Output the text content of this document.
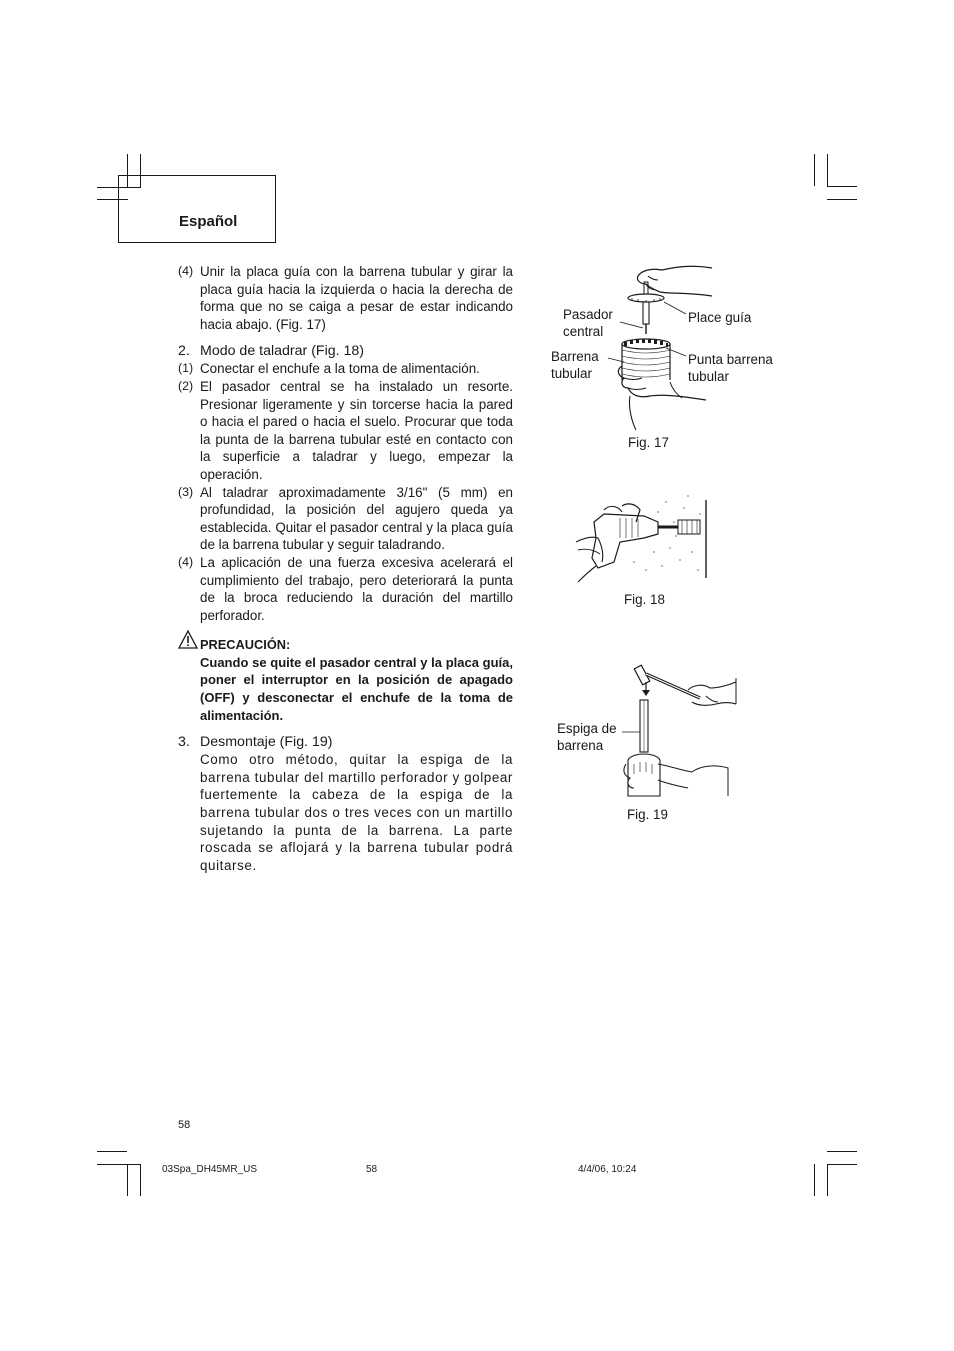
Español
(4) Unir la placa guía con la barrena tubular y girar la placa guía hacia la izquierda o hacia la derecha de forma que no se caiga a pesar de estar indicando hacia abajo. (Fig. 17)
2. Modo de taladrar (Fig. 18)
(1) Conectar el enchufe a la toma de alimentación.
(2) El pasador central se ha instalado un resorte. Presionar ligeramente y sin torcerse hacia la pared o hacia el pared o hacia el suelo. Procurar que toda la punta de la barrena tubular esté en contacto con la superficie a taladrar y luego, empezar la operación.
(3) Al taladrar aproximadamente 3/16" (5 mm) en profundidad, la posición del agujero queda ya establecida. Quitar el pasador central y la placa guía de la barrena tubular y seguir taladrando.
(4) La aplicación de una fuerza excesiva acelerará el cumplimiento del trabajo, pero deteriorará la punta de la broca reduciendo la duración del martillo perforador.
PRECAUCIÓN:
Cuando se quite el pasador central y la placa guía, poner el interruptor en la posición de apagado (OFF) y desconectar el enchufe de la toma de alimentación.
3. Desmontaje (Fig. 19)
Como otro método, quitar la espiga de la barrena tubular del martillo perforador y golpear fuertemente la cabeza de la espiga de la barrena tubular dos o tres veces con un martillo sujetando la punta de la barrena. La parte roscada se aflojará y la barrena tubular podrá quitarse.
Pasador central
Place guía
Barrena tubular
Punta barrena tubular
Fig. 17
Fig. 18
Espiga de barrena
Fig. 19
58
03Spa_DH45MR_US	58	4/4/06, 10:24
